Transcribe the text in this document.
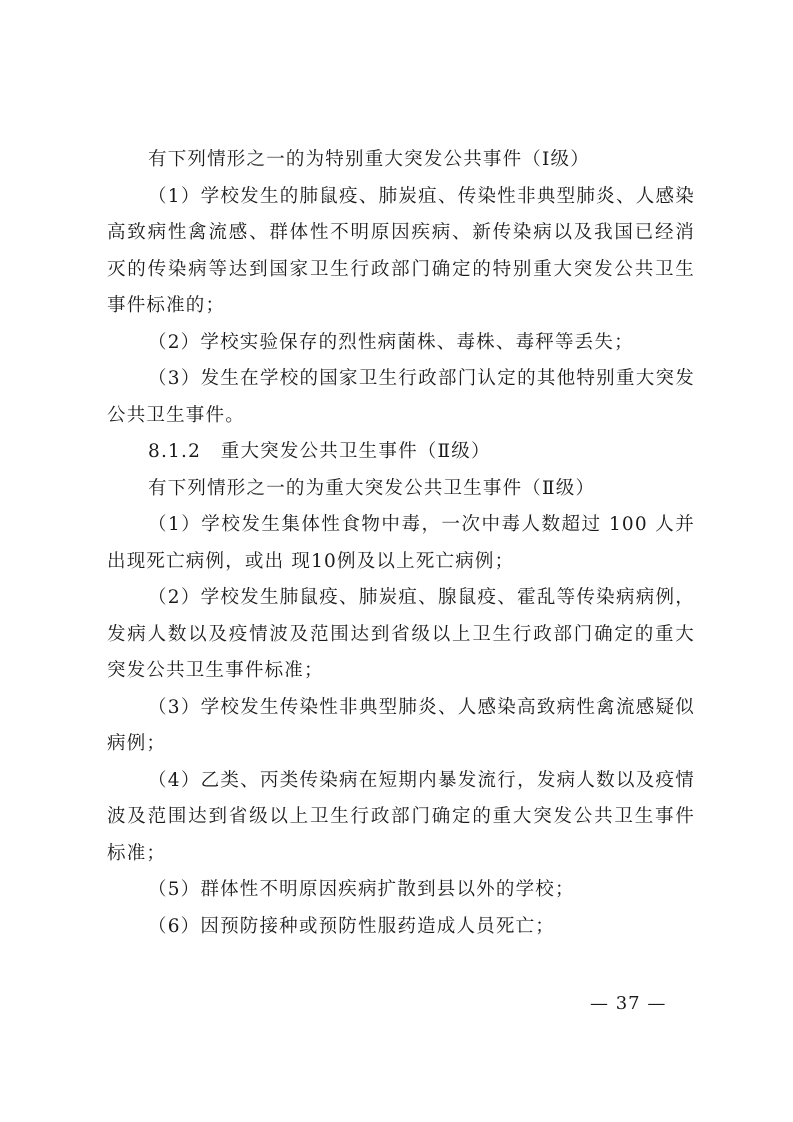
有下列情形之一的为特别重大突发公共事件（Ⅰ级）

（1）学校发生的肺鼠疫、肺炭疽、传染性非典型肺炎、人感染高致病性禽流感、群体性不明原因疾病、新传染病以及我国已经消灭的传染病等达到国家卫生行政部门确定的特别重大突发公共卫生事件标准的；

（2）学校实验保存的烈性病菌株、毒株、毒秤等丢失；

（3）发生在学校的国家卫生行政部门认定的其他特别重大突发公共卫生事件。

8.1.2　重大突发公共卫生事件（Ⅱ级）

有下列情形之一的为重大突发公共卫生事件（Ⅱ级）

（1）学校发生集体性食物中毒，一次中毒人数超过 100 人并出现死亡病例，或出 现10例及以上死亡病例；

（2）学校发生肺鼠疫、肺炭疽、腺鼠疫、霍乱等传染病病例，发病人数以及疫情波及范围达到省级以上卫生行政部门确定的重大突发公共卫生事件标准；

（3）学校发生传染性非典型肺炎、人感染高致病性禽流感疑似病例；

（4）乙类、丙类传染病在短期内暴发流行，发病人数以及疫情波及范围达到省级以上卫生行政部门确定的重大突发公共卫生事件标准；

（5）群体性不明原因疾病扩散到县以外的学校；

（6）因预防接种或预防性服药造成人员死亡；

— 37 —
